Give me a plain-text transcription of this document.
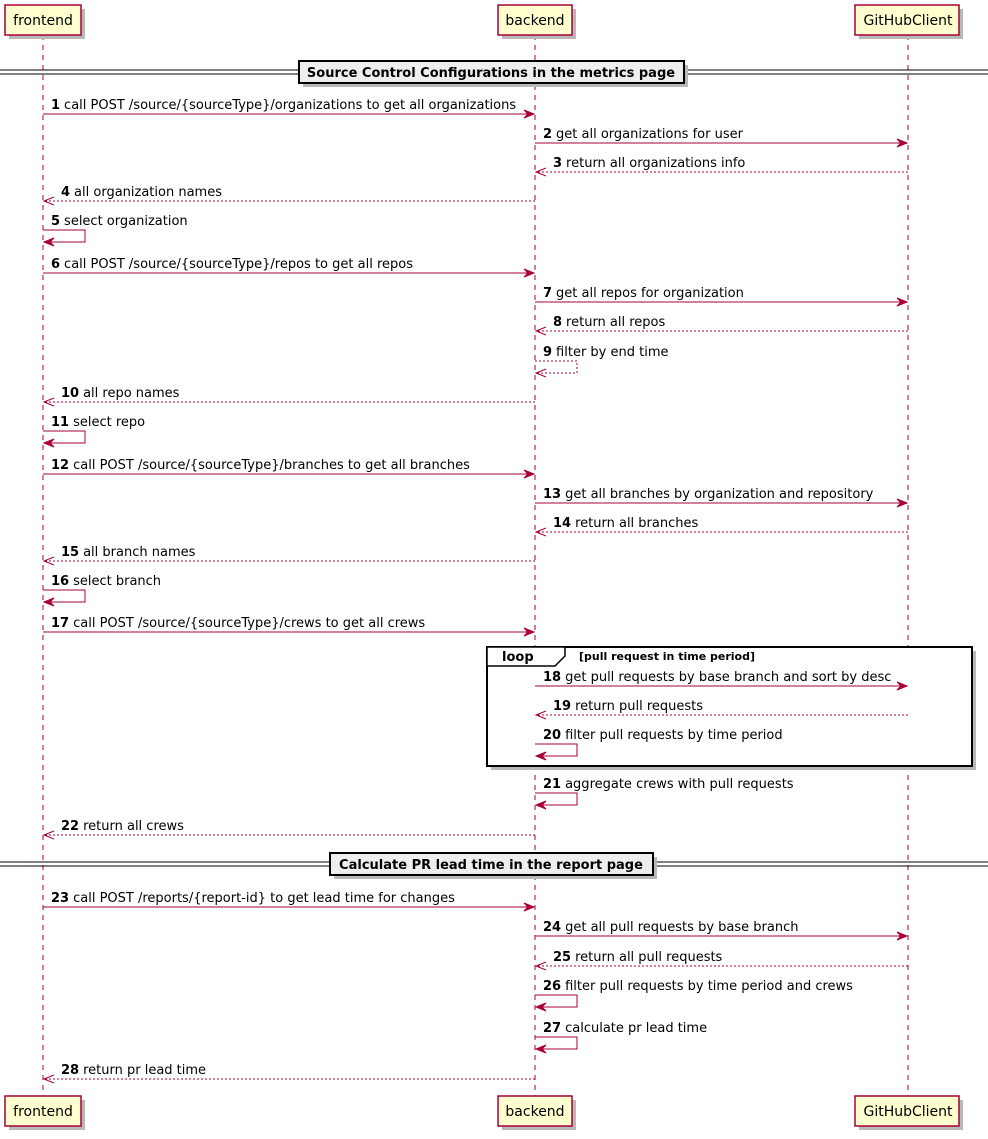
Source Control Configurations in the metrics page
Calculate PR lead time in the report page
loop	[pull request in time period]
1 call POST /source/{sourceType}/organizations to get all organizations
2 get all organizations for user
3 return all organizations info
4 all organization names
5 select organization
6 call POST /source/{sourceType}/repos to get all repos
7 get all repos for organization
8 return all repos
9 filter by end time
10 all repo names
11 select repo
12 call POST /source/{sourceType}/branches to get all branches
13 get all branches by organization and repository
14 return all branches
15 all branch names
16 select branch
17 call POST /source/{sourceType}/crews to get all crews
18 get pull requests by base branch and sort by desc
19 return pull requests
20 filter pull requests by time period
21 aggregate crews with pull requests
22 return all crews
23 call POST /reports/{report-id} to get lead time for changes
24 get all pull requests by base branch
25 return all pull requests
26 filter pull requests by time period and crews
27 calculate pr lead time
28 return pr lead time
frontend
frontend
backend
backend
GitHubClient
GitHubClient
